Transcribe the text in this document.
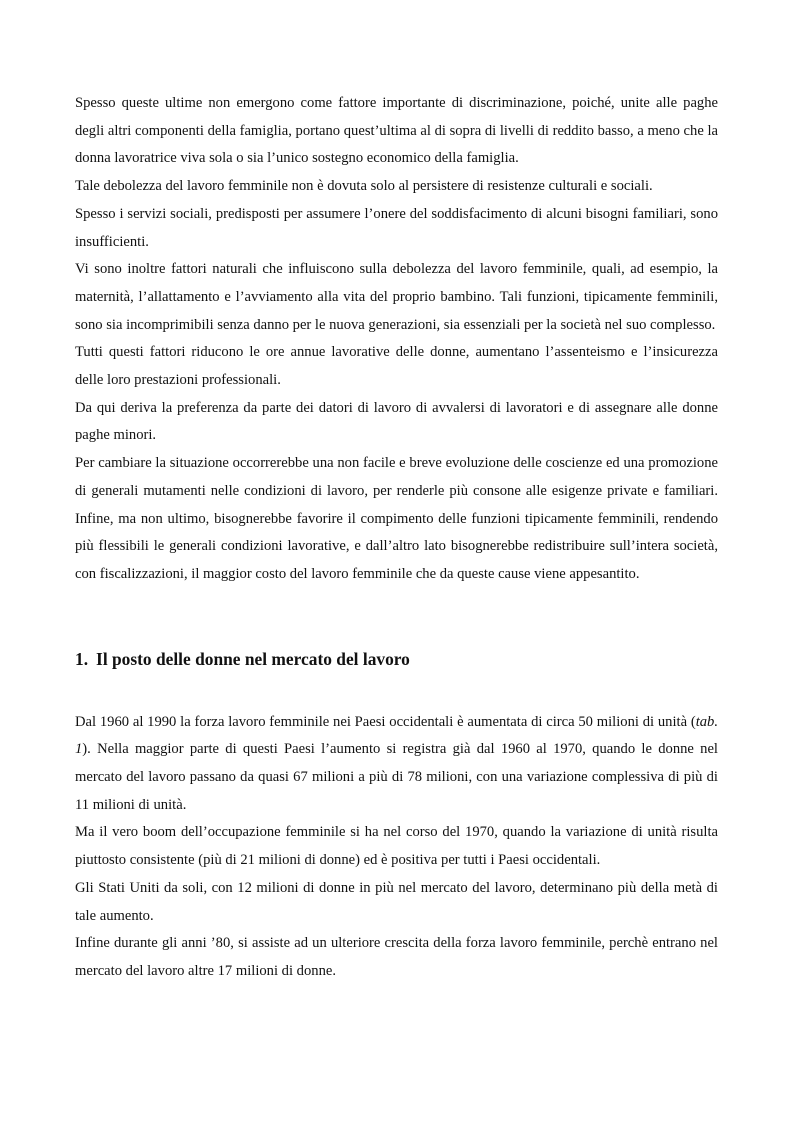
Spesso queste ultime non emergono come fattore importante di discriminazione, poiché, unite alle paghe degli altri componenti della famiglia, portano quest’ultima al di sopra di livelli di reddito basso, a meno che la donna lavoratrice viva sola o sia l’unico sostegno economico della famiglia.

Tale debolezza del lavoro femminile non è dovuta solo al persistere di resistenze culturali e sociali.

Spesso i servizi sociali, predisposti per assumere l’onere del soddisfacimento di alcuni bisogni familiari, sono insufficienti.

Vi sono inoltre fattori naturali che influiscono sulla debolezza del lavoro femminile, quali, ad esempio, la maternità, l’allattamento e l’avviamento alla vita del proprio bambino. Tali funzioni, tipicamente femminili, sono sia incomprimibili senza danno per le nuova generazioni, sia essenziali per la società nel suo complesso.

Tutti questi fattori riducono le ore annue lavorative delle donne, aumentano l’assenteismo e l’insicurezza delle loro prestazioni professionali.

Da qui deriva la preferenza da parte dei datori di lavoro di avvalersi di lavoratori e di assegnare alle donne paghe minori.

Per cambiare la situazione occorrerebbe una non facile e breve evoluzione delle coscienze ed una promozione di generali mutamenti nelle condizioni di lavoro, per renderle più consone alle esigenze private e familiari. Infine, ma non ultimo, bisognerebbe favorire il compimento delle funzioni tipicamente femminili, rendendo più flessibili le generali condizioni lavorative, e dall’altro lato bisognerebbe redistribuire sull’intera società, con fiscalizzazioni, il maggior costo del lavoro femminile che da queste cause viene appesantito.

1. Il posto delle donne nel mercato del lavoro

Dal 1960 al 1990 la forza lavoro femminile nei Paesi occidentali è aumentata di circa 50 milioni di unità (tab. 1). Nella maggior parte di questi Paesi l’aumento si registra già dal 1960 al 1970, quando le donne nel mercato del lavoro passano da quasi 67 milioni a più di 78 milioni, con una variazione complessiva di più di 11 milioni di unità.

Ma il vero boom dell’occupazione femminile si ha nel corso del 1970, quando la variazione di unità risulta piuttosto consistente (più di 21 milioni di donne) ed è positiva per tutti i Paesi occidentali.

Gli Stati Uniti da soli, con 12 milioni di donne in più nel mercato del lavoro, determinano più della metà di tale aumento.

Infine durante gli anni ’80, si assiste ad un ulteriore crescita della forza lavoro femminile, perchè entrano nel mercato del lavoro altre 17 milioni di donne.
